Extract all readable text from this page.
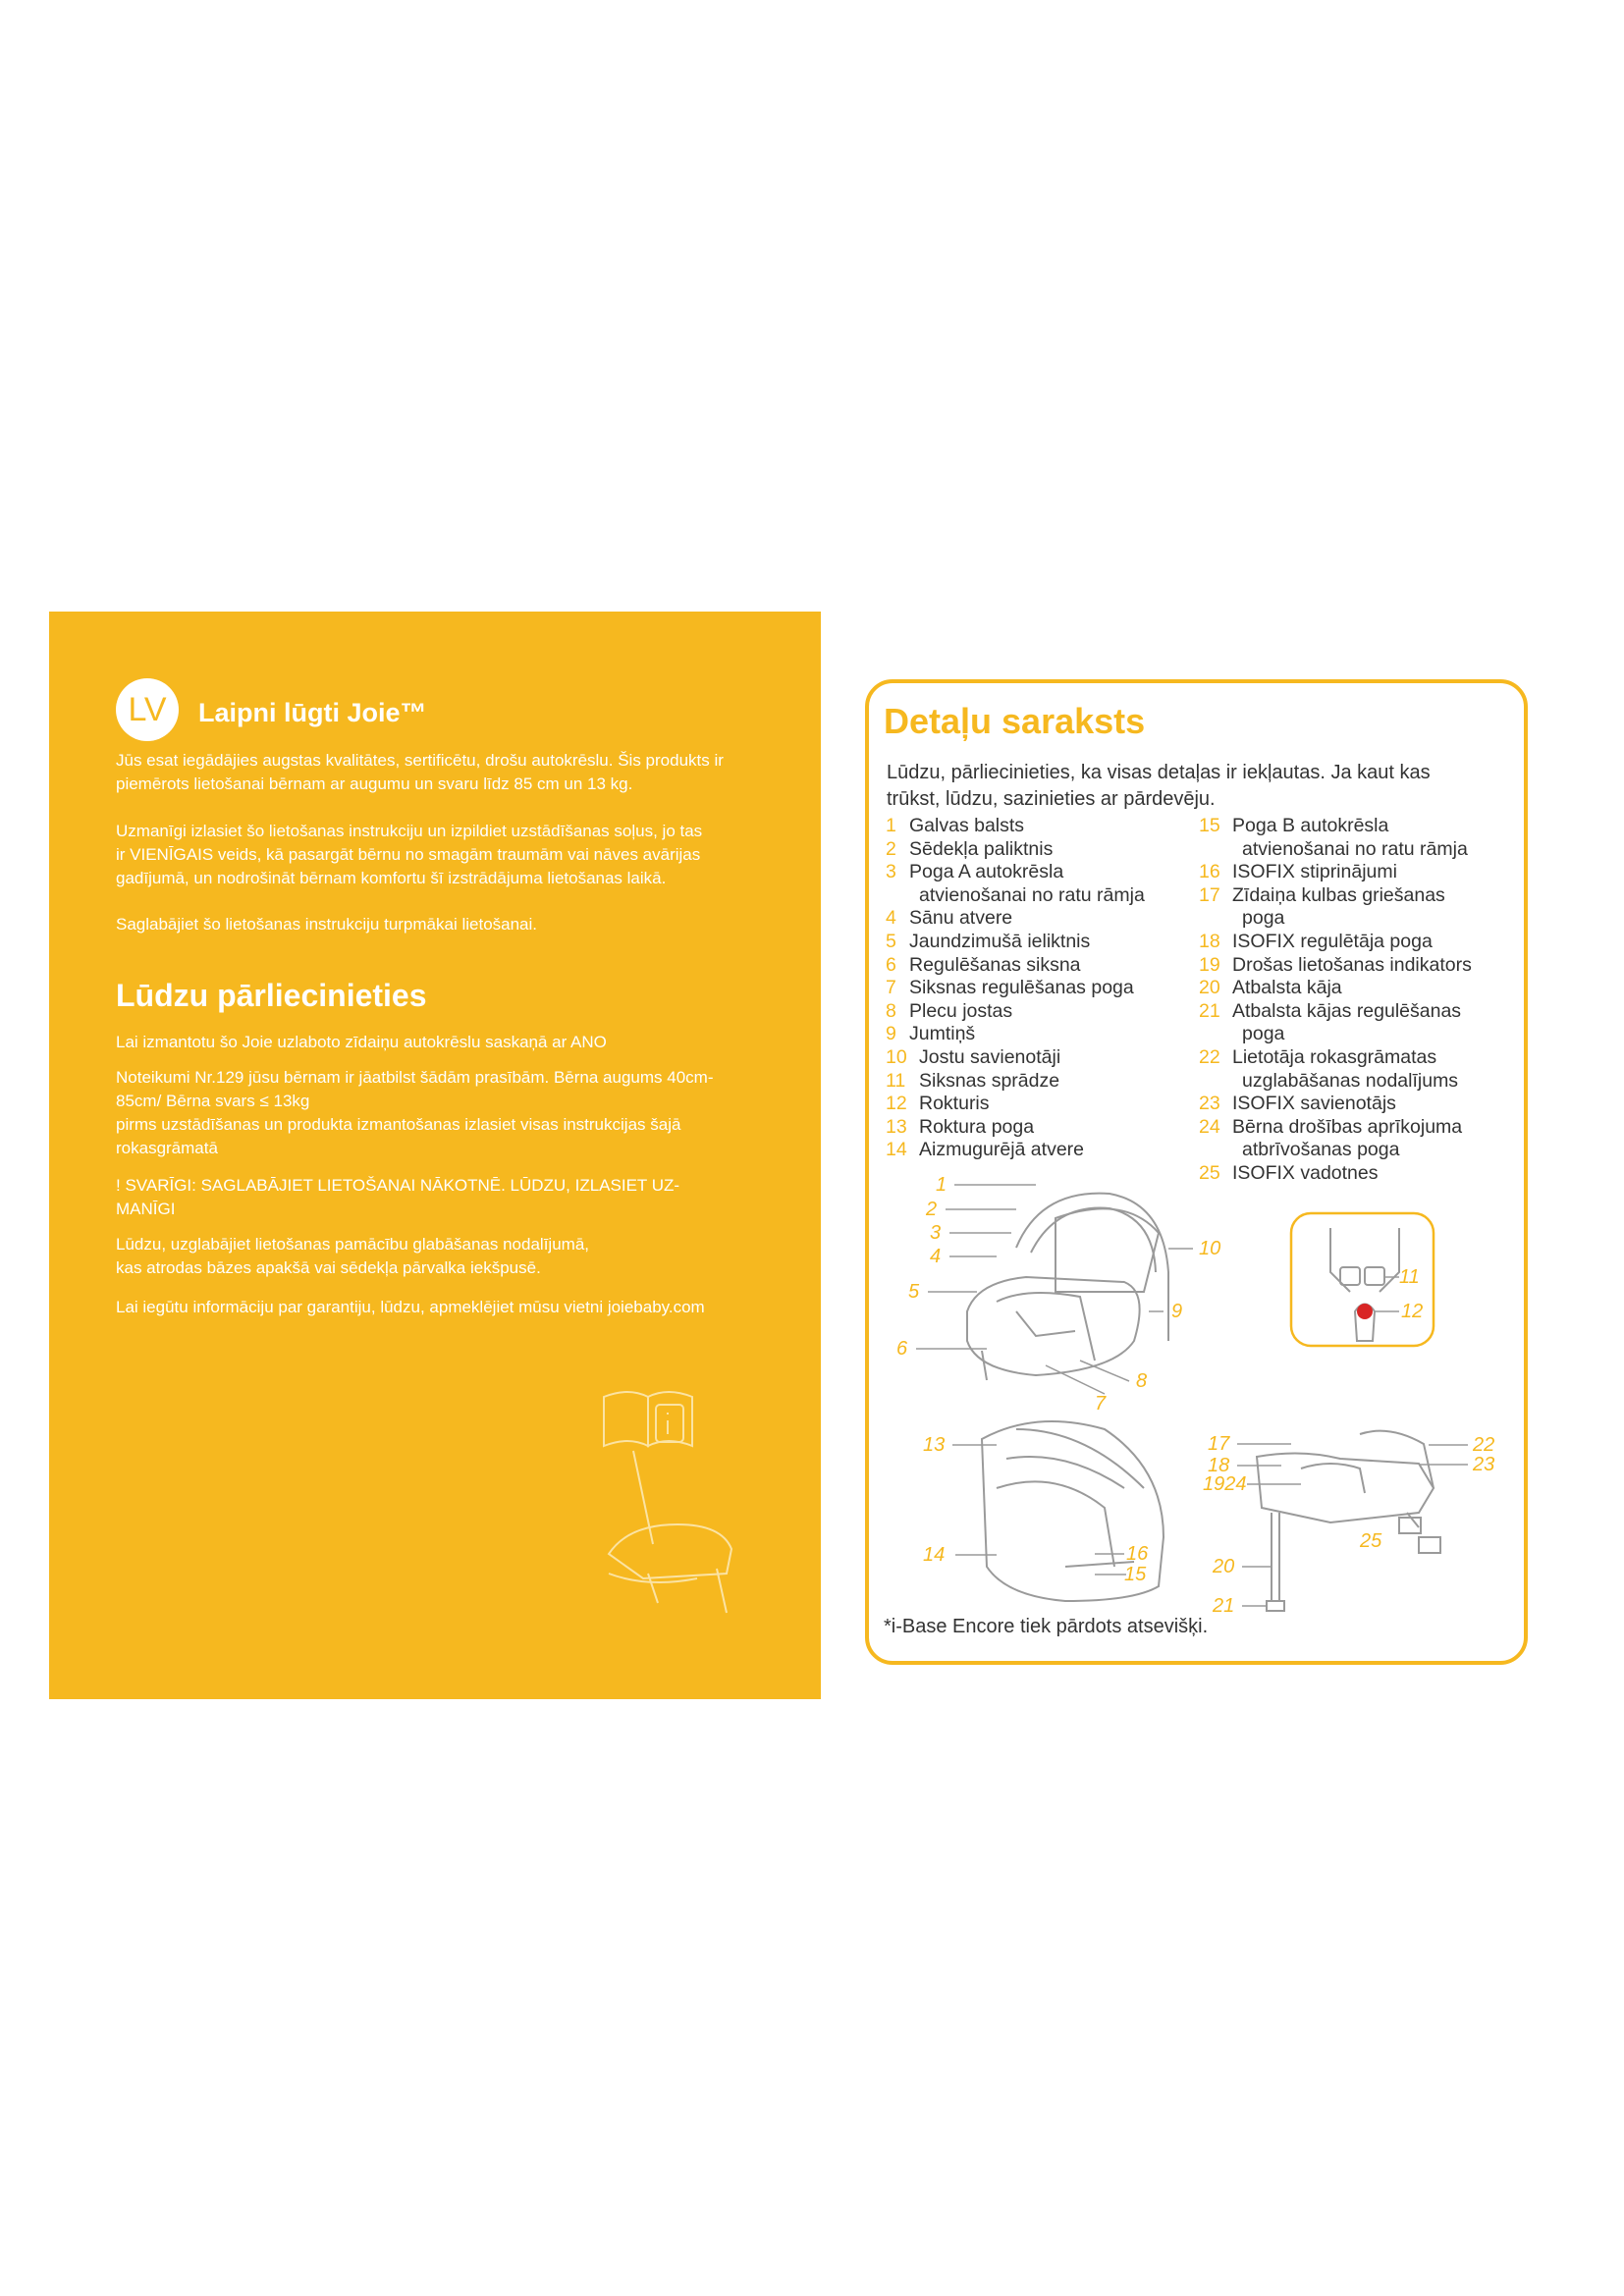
LV	Laipni lūgti Joie™

Jūs esat iegādājies augstas kvalitātes, sertificētu, drošu autokrēslu. Šis produkts ir

piemērots lietošanai bērnam ar augumu un svaru līdz 85 cm un 13 kg.

Uzmanīgi izlasiet šo lietošanas instrukciju un izpildiet uzstādīšanas soļus, jo tas

ir VIENĪGAIS veids, kā pasargāt bērnu no smagām traumām vai nāves avārijas

gadījumā, un nodrošināt bērnam komfortu šī izstrādājuma lietošanas laikā.

Saglabājiet šo lietošanas instrukciju turpmākai lietošanai.

Lūdzu pārliecinieties

Lai izmantotu šo Joie uzlaboto zīdaiņu autokrēslu saskaņā ar ANO

Noteikumi Nr.129 jūsu bērnam ir jāatbilst šādām prasībām. Bērna augums 40cm-

85cm/ Bērna svars ≤ 13kg

pirms uzstādīšanas un produkta izmantošanas izlasiet visas instrukcijas šajā

rokasgrāmatā

! SVARĪGI: SAGLABĀJIET LIETOŠANAI NĀKOTNĒ. LŪDZU, IZLASIET UZ-

MANĪGI

Lūdzu, uzglabājiet lietošanas pamācību glabāšanas nodalījumā,

kas atrodas bāzes apakšā vai sēdekļa pārvalka iekšpusē.

Lai iegūtu informāciju par garantiju, lūdzu, apmeklējiet mūsu vietni joiebaby.com

Detaļu saraksts

Lūdzu, pārliecinieties, ka visas detaļas ir iekļautas. Ja kaut kas
trūkst, lūdzu, sazinieties ar pārdevēju.

1 Galvas balsts
2 Sēdekļa paliktnis
3 Poga A autokrēsla
atvienošanai no ratu rāmja
4 Sānu atvere
5 Jaundzimušā ieliktnis
6 Regulēšanas siksna
7 Siksnas regulēšanas poga
8 Plecu jostas
9 Jumtiņš
10 Jostu savienotāji
11 Siksnas sprādze
12 Rokturis
13 Roktura poga
14 Aizmugurējā atvere
15 Poga B autokrēsla
atvienošanai no ratu rāmja
16 ISOFIX stiprinājumi
17 Zīdaiņa kulbas griešanas
poga
18 ISOFIX regulētāja poga
19 Drošas lietošanas indikators
20 Atbalsta kāja
21 Atbalsta kājas regulēšanas
poga
22 Lietotāja rokasgrāmatas
uzglabāšanas nodalījums
23 ISOFIX savienotājs
24 Bērna drošības aprīkojuma
atbrīvošanas poga
25 ISOFIX vadotnes
1
2
3
4
5
6
7
8
9
10
11
12
13
14
15
16
17
18
1924
20
21
22
23
25

*i-Base Encore tiek pārdots atsevišķi.
